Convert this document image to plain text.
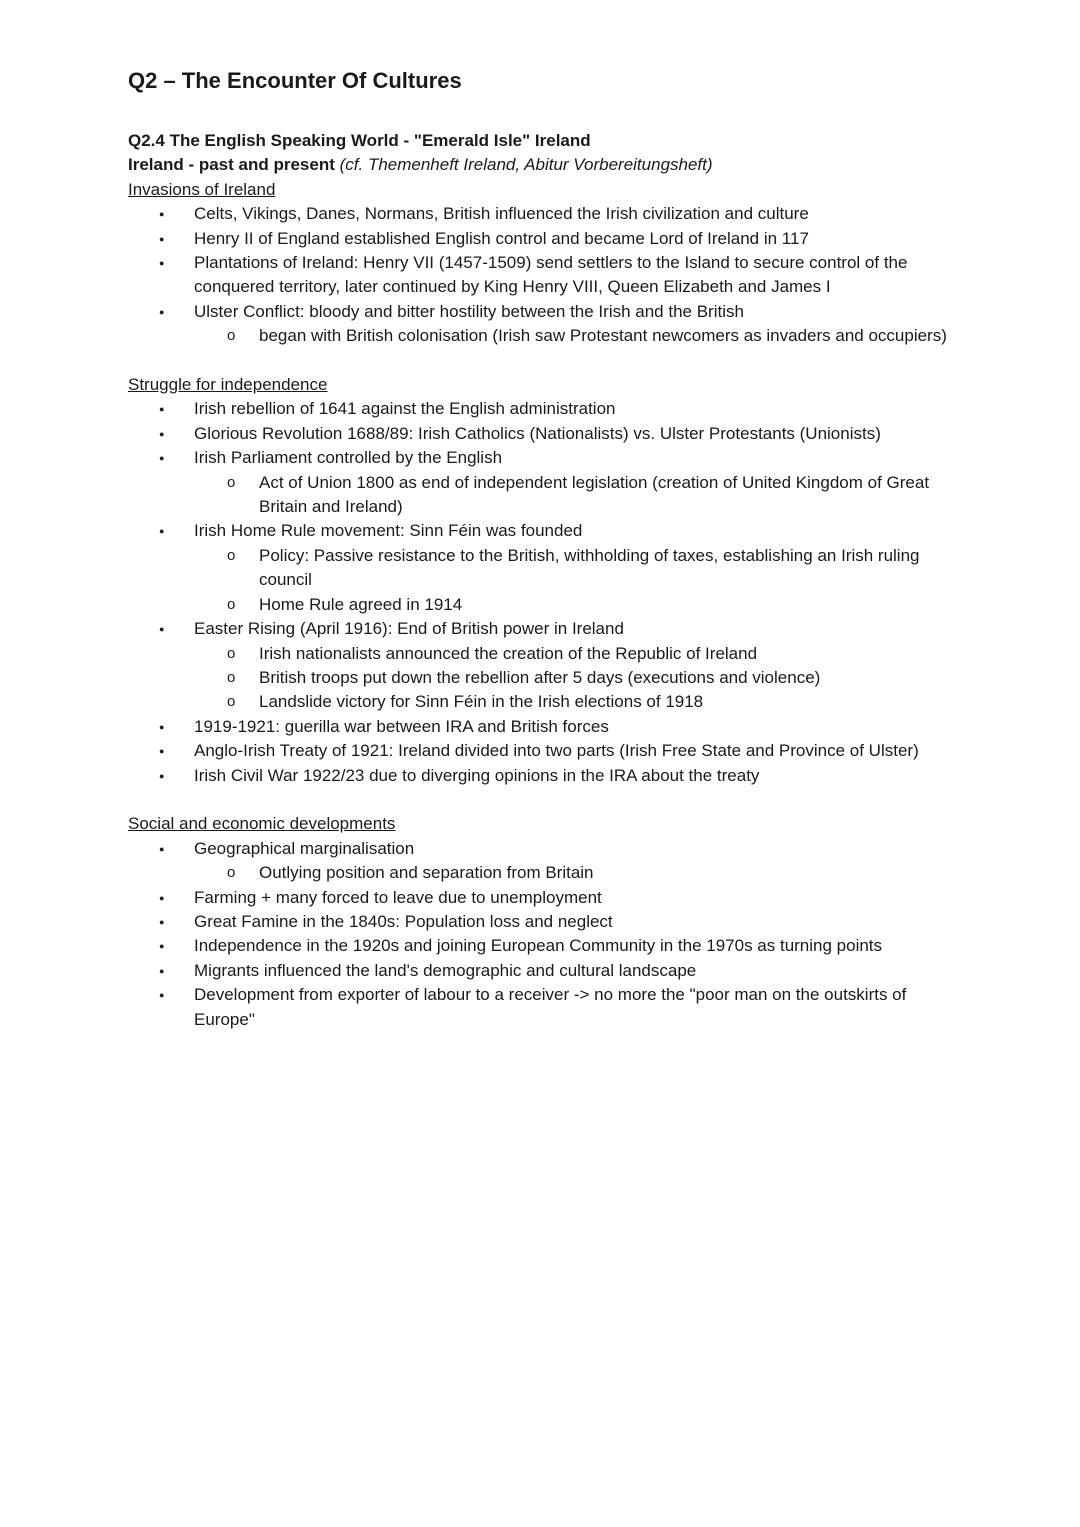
Q2 – The Encounter Of Cultures

Q2.4 The English Speaking World - "Emerald Isle" Ireland

Ireland - past and present (cf. Themenheft Ireland, Abitur Vorbereitungsheft)

Invasions of Ireland

● Celts, Vikings, Danes, Normans, British influenced the Irish civilization and culture
● Henry II of England established English control and became Lord of Ireland in 117
● Plantations of Ireland: Henry VII (1457-1509) send settlers to the Island to secure control of the conquered territory, later continued by King Henry VIII, Queen Elizabeth and James I
● Ulster Conflict: bloody and bitter hostility between the Irish and the British
o began with British colonisation (Irish saw Protestant newcomers as invaders and occupiers)

Struggle for independence

● Irish rebellion of 1641 against the English administration
● Glorious Revolution 1688/89: Irish Catholics (Nationalists) vs. Ulster Protestants (Unionists)
● Irish Parliament controlled by the English
o Act of Union 1800 as end of independent legislation (creation of United Kingdom of Great Britain and Ireland)
● Irish Home Rule movement: Sinn Féin was founded
o Policy: Passive resistance to the British, withholding of taxes, establishing an Irish ruling council
o Home Rule agreed in 1914
● Easter Rising (April 1916): End of British power in Ireland
o Irish nationalists announced the creation of the Republic of Ireland
o British troops put down the rebellion after 5 days (executions and violence)
o Landslide victory for Sinn Féin in the Irish elections of 1918
● 1919-1921: guerilla war between IRA and British forces
● Anglo-Irish Treaty of 1921: Ireland divided into two parts (Irish Free State and Province of Ulster)
● Irish Civil War 1922/23 due to diverging opinions in the IRA about the treaty

Social and economic developments

● Geographical marginalisation
o Outlying position and separation from Britain
● Farming + many forced to leave due to unemployment
● Great Famine in the 1840s: Population loss and neglect
● Independence in the 1920s and joining European Community in the 1970s as turning points
● Migrants influenced the land's demographic and cultural landscape
● Development from exporter of labour to a receiver -> no more the "poor man on the outskirts of Europe"
